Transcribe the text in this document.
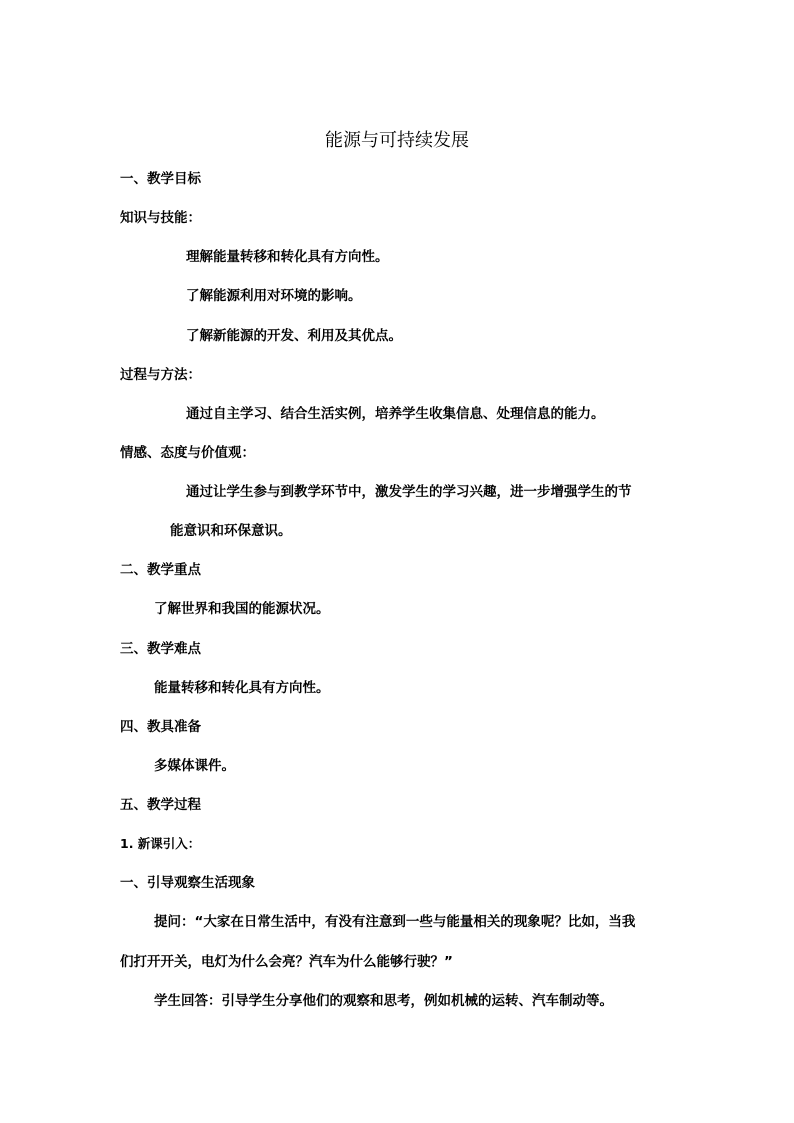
能源与可持续发展
一、教学目标
知识与技能：
理解能量转移和转化具有方向性。
了解能源利用对环境的影响。
了解新能源的开发、利用及其优点。
过程与方法：
通过自主学习、结合生活实例，培养学生收集信息、处理信息的能力。
情感、态度与价值观：
通过让学生参与到教学环节中，激发学生的学习兴趣，进一步增强学生的节
能意识和环保意识。
二、教学重点
了解世界和我国的能源状况。
三、教学难点
能量转移和转化具有方向性。
四、教具准备
多媒体课件。
五、教学过程
1. 新课引入：
一、引导观察生活现象
提问：“大家在日常生活中，有没有注意到一些与能量相关的现象呢？比如，当我
们打开开关，电灯为什么会亮？汽车为什么能够行驶？”
学生回答：引导学生分享他们的观察和思考，例如机械的运转、汽车制动等。
